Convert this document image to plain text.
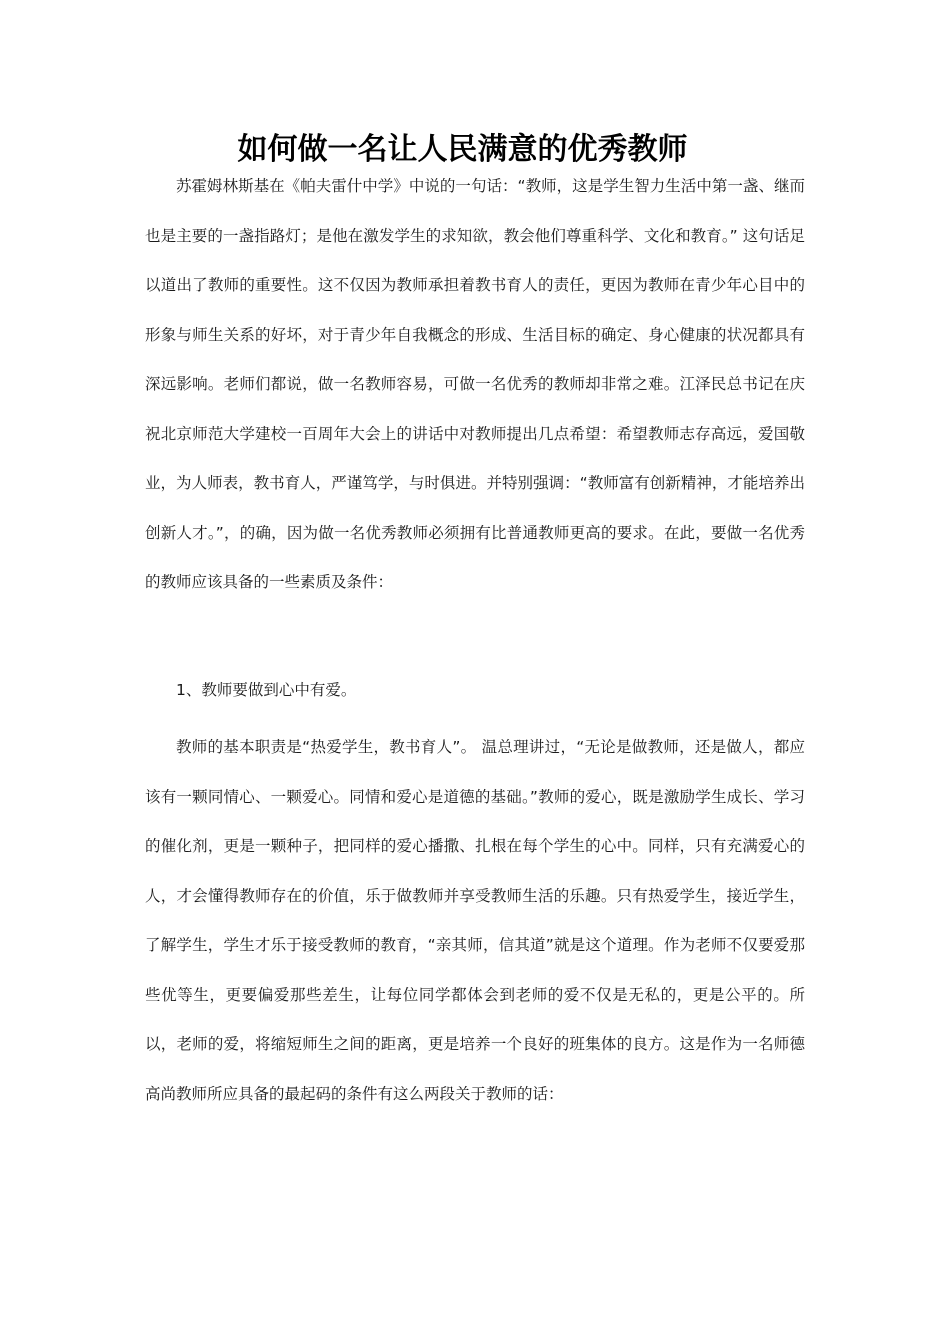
如何做一名让人民满意的优秀教师

苏霍姆林斯基在《帕夫雷什中学》中说的一句话：“教师，这是学生智力生活中第一盏、继而也是主要的一盏指路灯；是他在激发学生的求知欲，教会他们尊重科学、文化和教育。” 这句话足以道出了教师的重要性。这不仅因为教师承担着教书育人的责任，更因为教师在青少年心目中的形象与师生关系的好坏，对于青少年自我概念的形成、生活目标的确定、身心健康的状况都具有深远影响。老师们都说，做一名教师容易，可做一名优秀的教师却非常之难。江泽民总书记在庆祝北京师范大学建校一百周年大会上的讲话中对教师提出几点希望：希望教师志存高远，爱国敬业，为人师表，教书育人，严谨笃学，与时俱进。并特别强调：“教师富有创新精神，才能培养出创新人才。”，的确，因为做一名优秀教师必须拥有比普通教师更高的要求。在此，要做一名优秀的教师应该具备的一些素质及条件：

1、教师要做到心中有爱。

教师的基本职责是“热爱学生，教书育人”。 温总理讲过，“无论是做教师，还是做人，都应该有一颗同情心、一颗爱心。同情和爱心是道德的基础。”教师的爱心，既是激励学生成长、学习的催化剂，更是一颗种子，把同样的爱心播撒、扎根在每个学生的心中。同样，只有充满爱心的人，才会懂得教师存在的价值，乐于做教师并享受教师生活的乐趣。只有热爱学生，接近学生，了解学生，学生才乐于接受教师的教育，“亲其师，信其道”就是这个道理。作为老师不仅要爱那些优等生，更要偏爱那些差生，让每位同学都体会到老师的爱不仅是无私的，更是公平的。所以，老师的爱，将缩短师生之间的距离，更是培养一个良好的班集体的良方。这是作为一名师德高尚教师所应具备的最起码的条件有这么两段关于教师的话：
